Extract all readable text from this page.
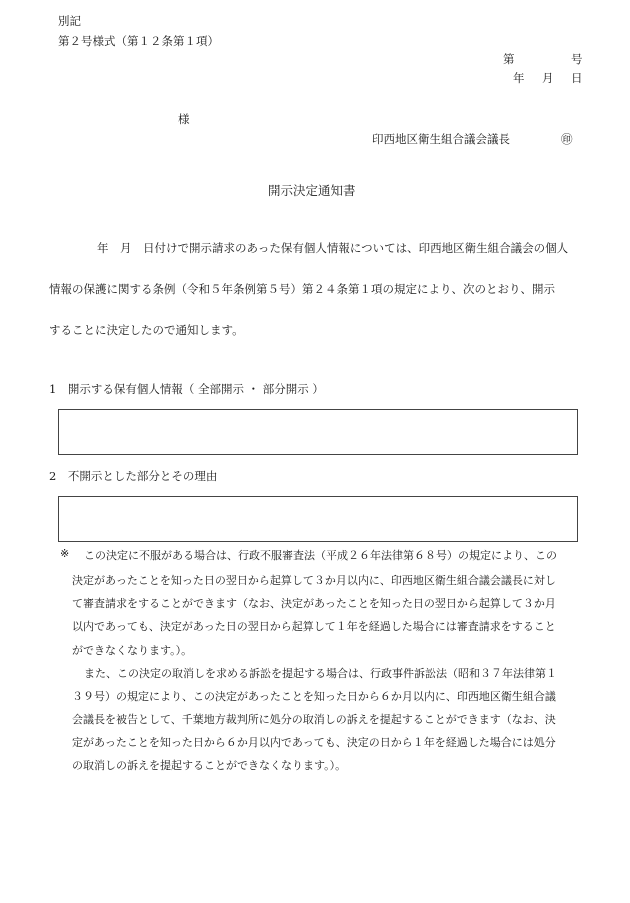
別記
第２号様式（第１２条第１項）
第	号
年 月 日
様
印西地区衛生組合議会議長	㊞
開示決定通知書
年　月　日付けで開示請求のあった保有個人情報については、印西地区衛生組合議会の個人
情報の保護に関する条例（令和５年条例第５号）第２４条第１項の規定により、次のとおり、開示
することに決定したので通知します。
1　開示する保有個人情報（ 全部開示 ・ 部分開示 ）
2　不開示とした部分とその理由
※ この決定に不服がある場合は、行政不服審査法（平成２６年法律第６８号）の規定により、この
決定があったことを知った日の翌日から起算して３か月以内に、印西地区衛生組合議会議長に対し
て審査請求をすることができます（なお、決定があったことを知った日の翌日から起算して３か月
以内であっても、決定があった日の翌日から起算して１年を経過した場合には審査請求をすること
ができなくなります。）。
また、この決定の取消しを求める訴訟を提起する場合は、行政事件訴訟法（昭和３７年法律第１
３９号）の規定により、この決定があったことを知った日から６か月以内に、印西地区衛生組合議
会議長を被告として、千葉地方裁判所に処分の取消しの訴えを提起することができます（なお、決
定があったことを知った日から６か月以内であっても、決定の日から１年を経過した場合には処分
の取消しの訴えを提起することができなくなります。）。
